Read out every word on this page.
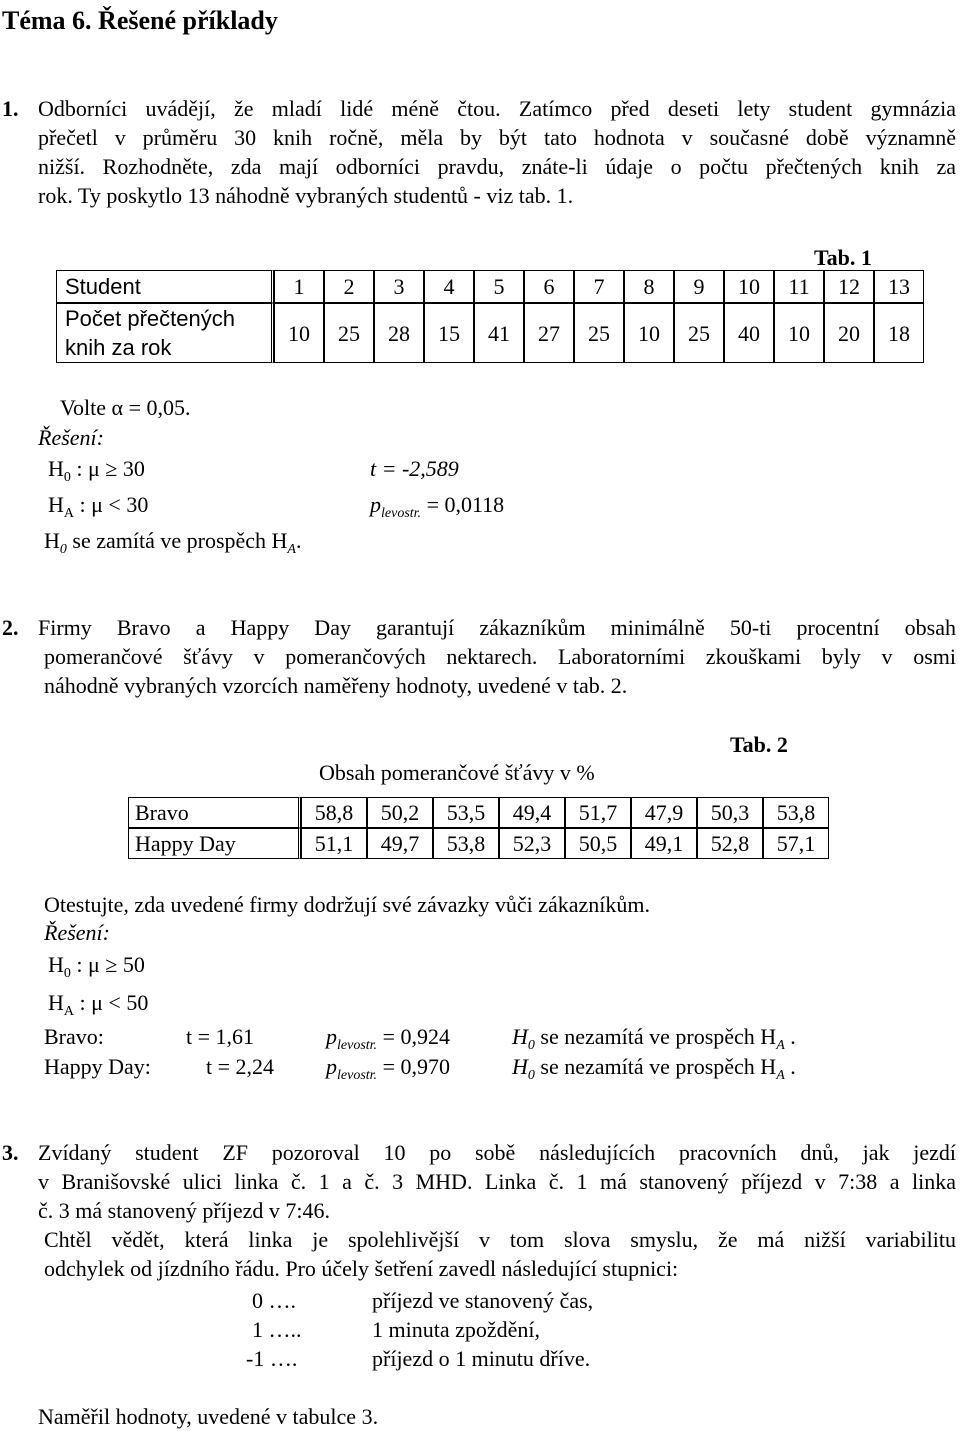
Téma 6. Řešené příklady
1. Odborníci uvádějí, že mladí lidé méně čtou. Zatímco před deseti lety student gymnázia
přečetl v průměru 30 knih ročně, měla by být tato hodnota v současné době významně
nižší. Rozhodněte, zda mají odborníci pravdu, znáte-li údaje o počtu přečtených knih za
rok. Ty poskytlo 13 náhodně vybraných studentů - viz tab. 1.
Tab. 1
Student	1	2	3	4	5	6	7	8	9	10	11	12	13
Počet přečtených
knih za rok	10	25	28	15	41	27	25	10	25	40	10	20	18
Volte α = 0,05.
Řešení:
$H_0$ : μ ≥ 30	t = -2,589
$H_A$ : μ < 30	$p_{levostr.} = 0,0118$
$H_0$ se zamítá ve prospěch $H_A$.
2. Firmy Bravo a Happy Day garantují zákazníkům minimálně 50-ti procentní obsah
pomerančové šťávy v pomerančových nektarech. Laboratorními zkouškami byly v osmi
náhodně vybraných vzorcích naměřeny hodnoty, uvedené v tab. 2.
Tab. 2
Obsah pomerančové šťávy v %
Bravo	58,8	50,2	53,5	49,4	51,7	47,9	50,3	53,8
Happy Day	51,1	49,7	53,8	52,3	50,5	49,1	52,8	57,1
Otestujte, zda uvedené firmy dodržují své závazky vůči zákazníkům.
Řešení:
$H_0$ : μ ≥ 50
$H_A$ : μ < 50
Bravo:	t = 1,61	$p_{levostr.} = 0,924$	$H_0$ se nezamítá ve prospěch $H_A$ .
Happy Day:	t = 2,24 $p_{levostr.} = 0,970$	$H_0$ se nezamítá ve prospěch $H_A$ .
3. Zvídaný student ZF pozoroval 10 po sobě následujících pracovních dnů, jak jezdí
v Branišovské ulici linka č. 1 a č. 3 MHD. Linka č. 1 má stanovený příjezd v 7:38 a linka
č. 3 má stanovený příjezd v 7:46.
Chtěl vědět, která linka je spolehlivější v tom slova smyslu, že má nižší variabilitu
odchylek od jízdního řádu. Pro účely šetření zavedl následující stupnici:
0 ….	příjezd ve stanovený čas,
1 …..	1 minuta zpoždění,
-1 ….	příjezd o 1 minutu dříve.
Naměřil hodnoty, uvedené v tabulce 3.
